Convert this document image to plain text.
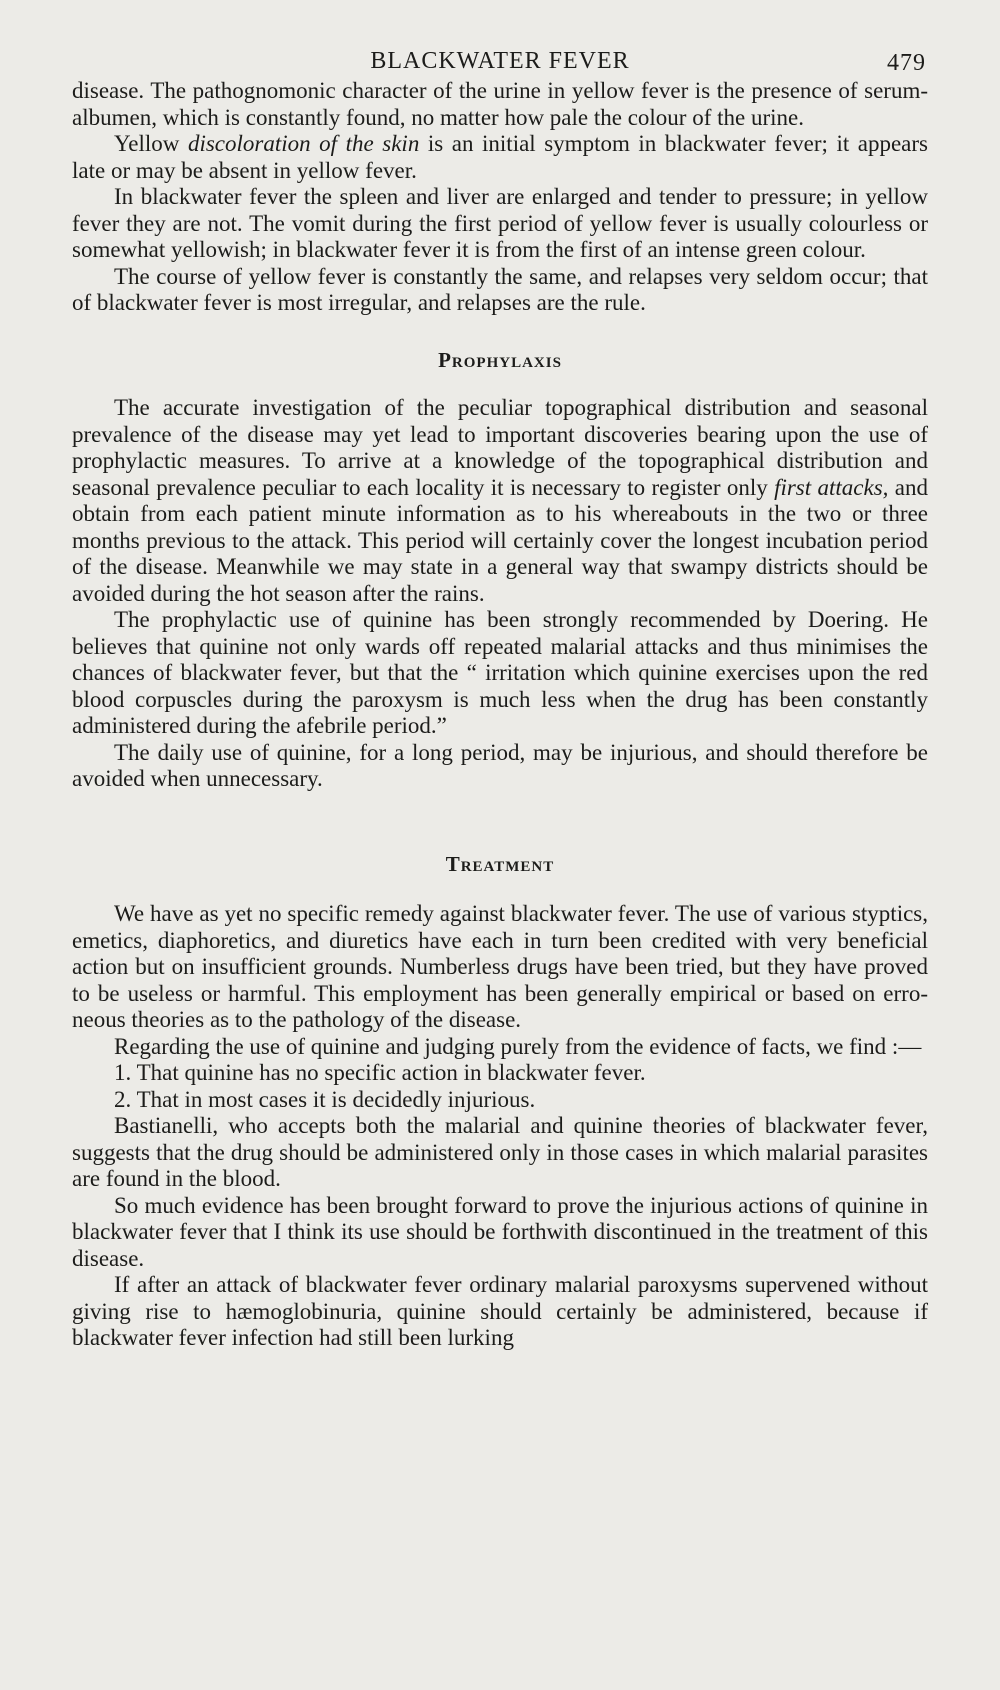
BLACKWATER FEVER	479

disease. The pathognomonic character of the urine in yellow fever is the presence of serum-albumen, which is constantly found, no matter how pale the colour of the urine.

Yellow discoloration of the skin is an initial symptom in blackwater fever; it appears late or may be absent in yellow fever.

In blackwater fever the spleen and liver are enlarged and tender to pressure; in yellow fever they are not. The vomit during the first period of yellow fever is usually colourless or somewhat yellowish; in blackwater fever it is from the first of an intense green colour.

The course of yellow fever is constantly the same, and relapses very seldom occur; that of blackwater fever is most irregular, and relapses are the rule.

Prophylaxis

The accurate investigation of the peculiar topographical distribution and seasonal prevalence of the disease may yet lead to important discoveries bearing upon the use of prophylactic measures. To arrive at a knowledge of the topographical distribution and seasonal prevalence peculiar to each locality it is necessary to register only first attacks, and obtain from each patient minute information as to his whereabouts in the two or three months previous to the attack. This period will certainly cover the longest incubation period of the disease. Meanwhile we may state in a general way that swampy districts should be avoided during the hot season after the rains.

The prophylactic use of quinine has been strongly recommended by Doering. He believes that quinine not only wards off repeated malarial attacks and thus minimises the chances of blackwater fever, but that the “ irritation which quinine exercises upon the red blood corpuscles during the paroxysm is much less when the drug has been constantly administered during the afebrile period.”

The daily use of quinine, for a long period, may be injurious, and should therefore be avoided when unnecessary.

Treatment

We have as yet no specific remedy against blackwater fever. The use of various styptics, emetics, diaphoretics, and diuretics have each in turn been credited with very beneficial action but on insufficient grounds. Numberless drugs have been tried, but they have proved to be useless or harmful. This employment has been generally empirical or based on erroneous theories as to the pathology of the disease.

Regarding the use of quinine and judging purely from the evidence of facts, we find :—

1. That quinine has no specific action in blackwater fever.

2. That in most cases it is decidedly injurious.

Bastianelli, who accepts both the malarial and quinine theories of blackwater fever, suggests that the drug should be administered only in those cases in which malarial parasites are found in the blood.

So much evidence has been brought forward to prove the injurious actions of quinine in blackwater fever that I think its use should be forthwith discontinued in the treatment of this disease.

If after an attack of blackwater fever ordinary malarial paroxysms supervened without giving rise to hæmoglobinuria, quinine should certainly be administered, because if blackwater fever infection had still been lurking
